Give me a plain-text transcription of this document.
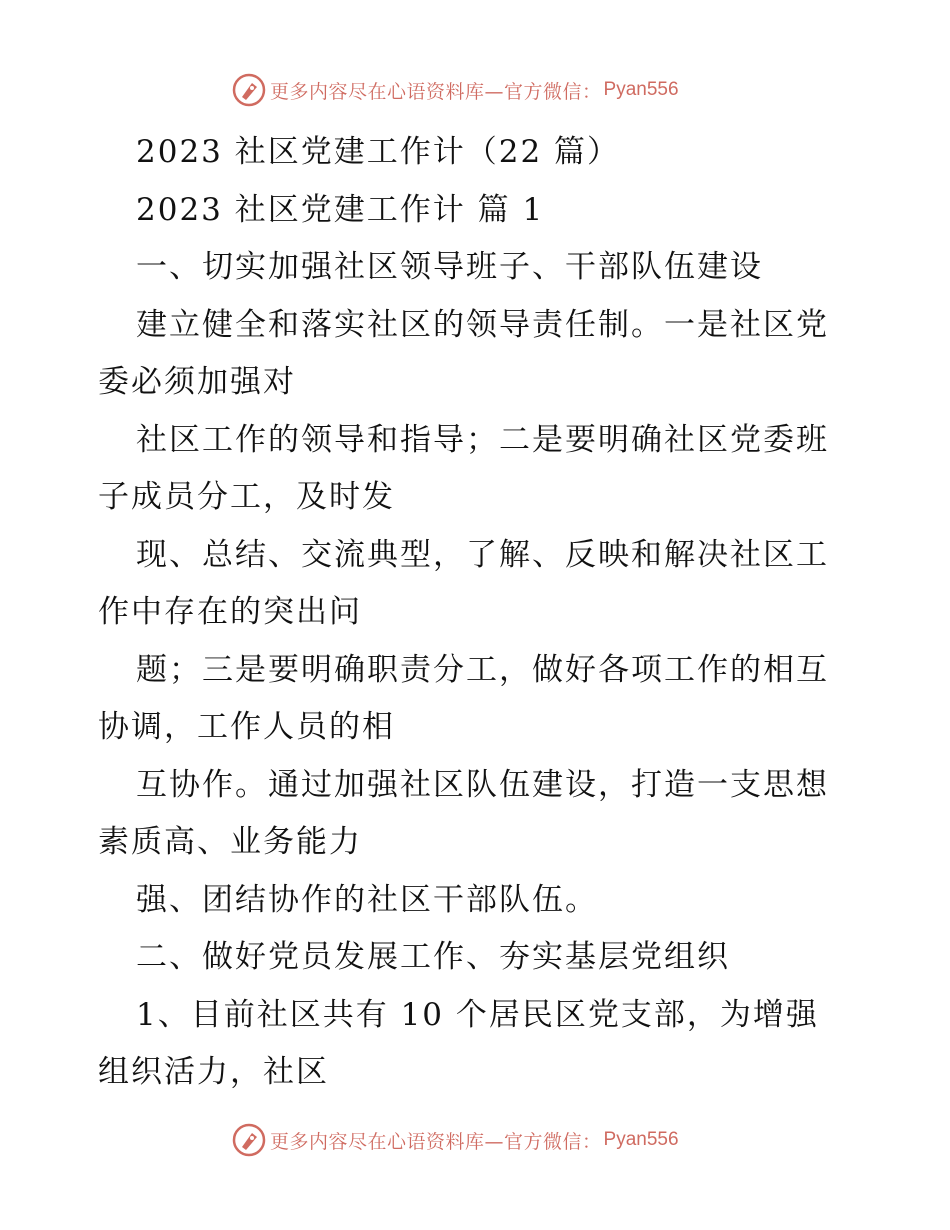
更多内容尽在心语资料库—官方微信： Pyan556
2023 社区党建工作计（22 篇）
2023 社区党建工作计 篇 1
一、切实加强社区领导班子、干部队伍建设
建立健全和落实社区的领导责任制。一是社区党
委必须加强对
社区工作的领导和指导；二是要明确社区党委班
子成员分工，及时发
现、总结、交流典型，了解、反映和解决社区工
作中存在的突出问
题；三是要明确职责分工，做好各项工作的相互
协调，工作人员的相
互协作。通过加强社区队伍建设，打造一支思想
素质高、业务能力
强、团结协作的社区干部队伍。
二、做好党员发展工作、夯实基层党组织
1、目前社区共有 10 个居民区党支部，为增强
组织活力，社区
更多内容尽在心语资料库—官方微信： Pyan556
